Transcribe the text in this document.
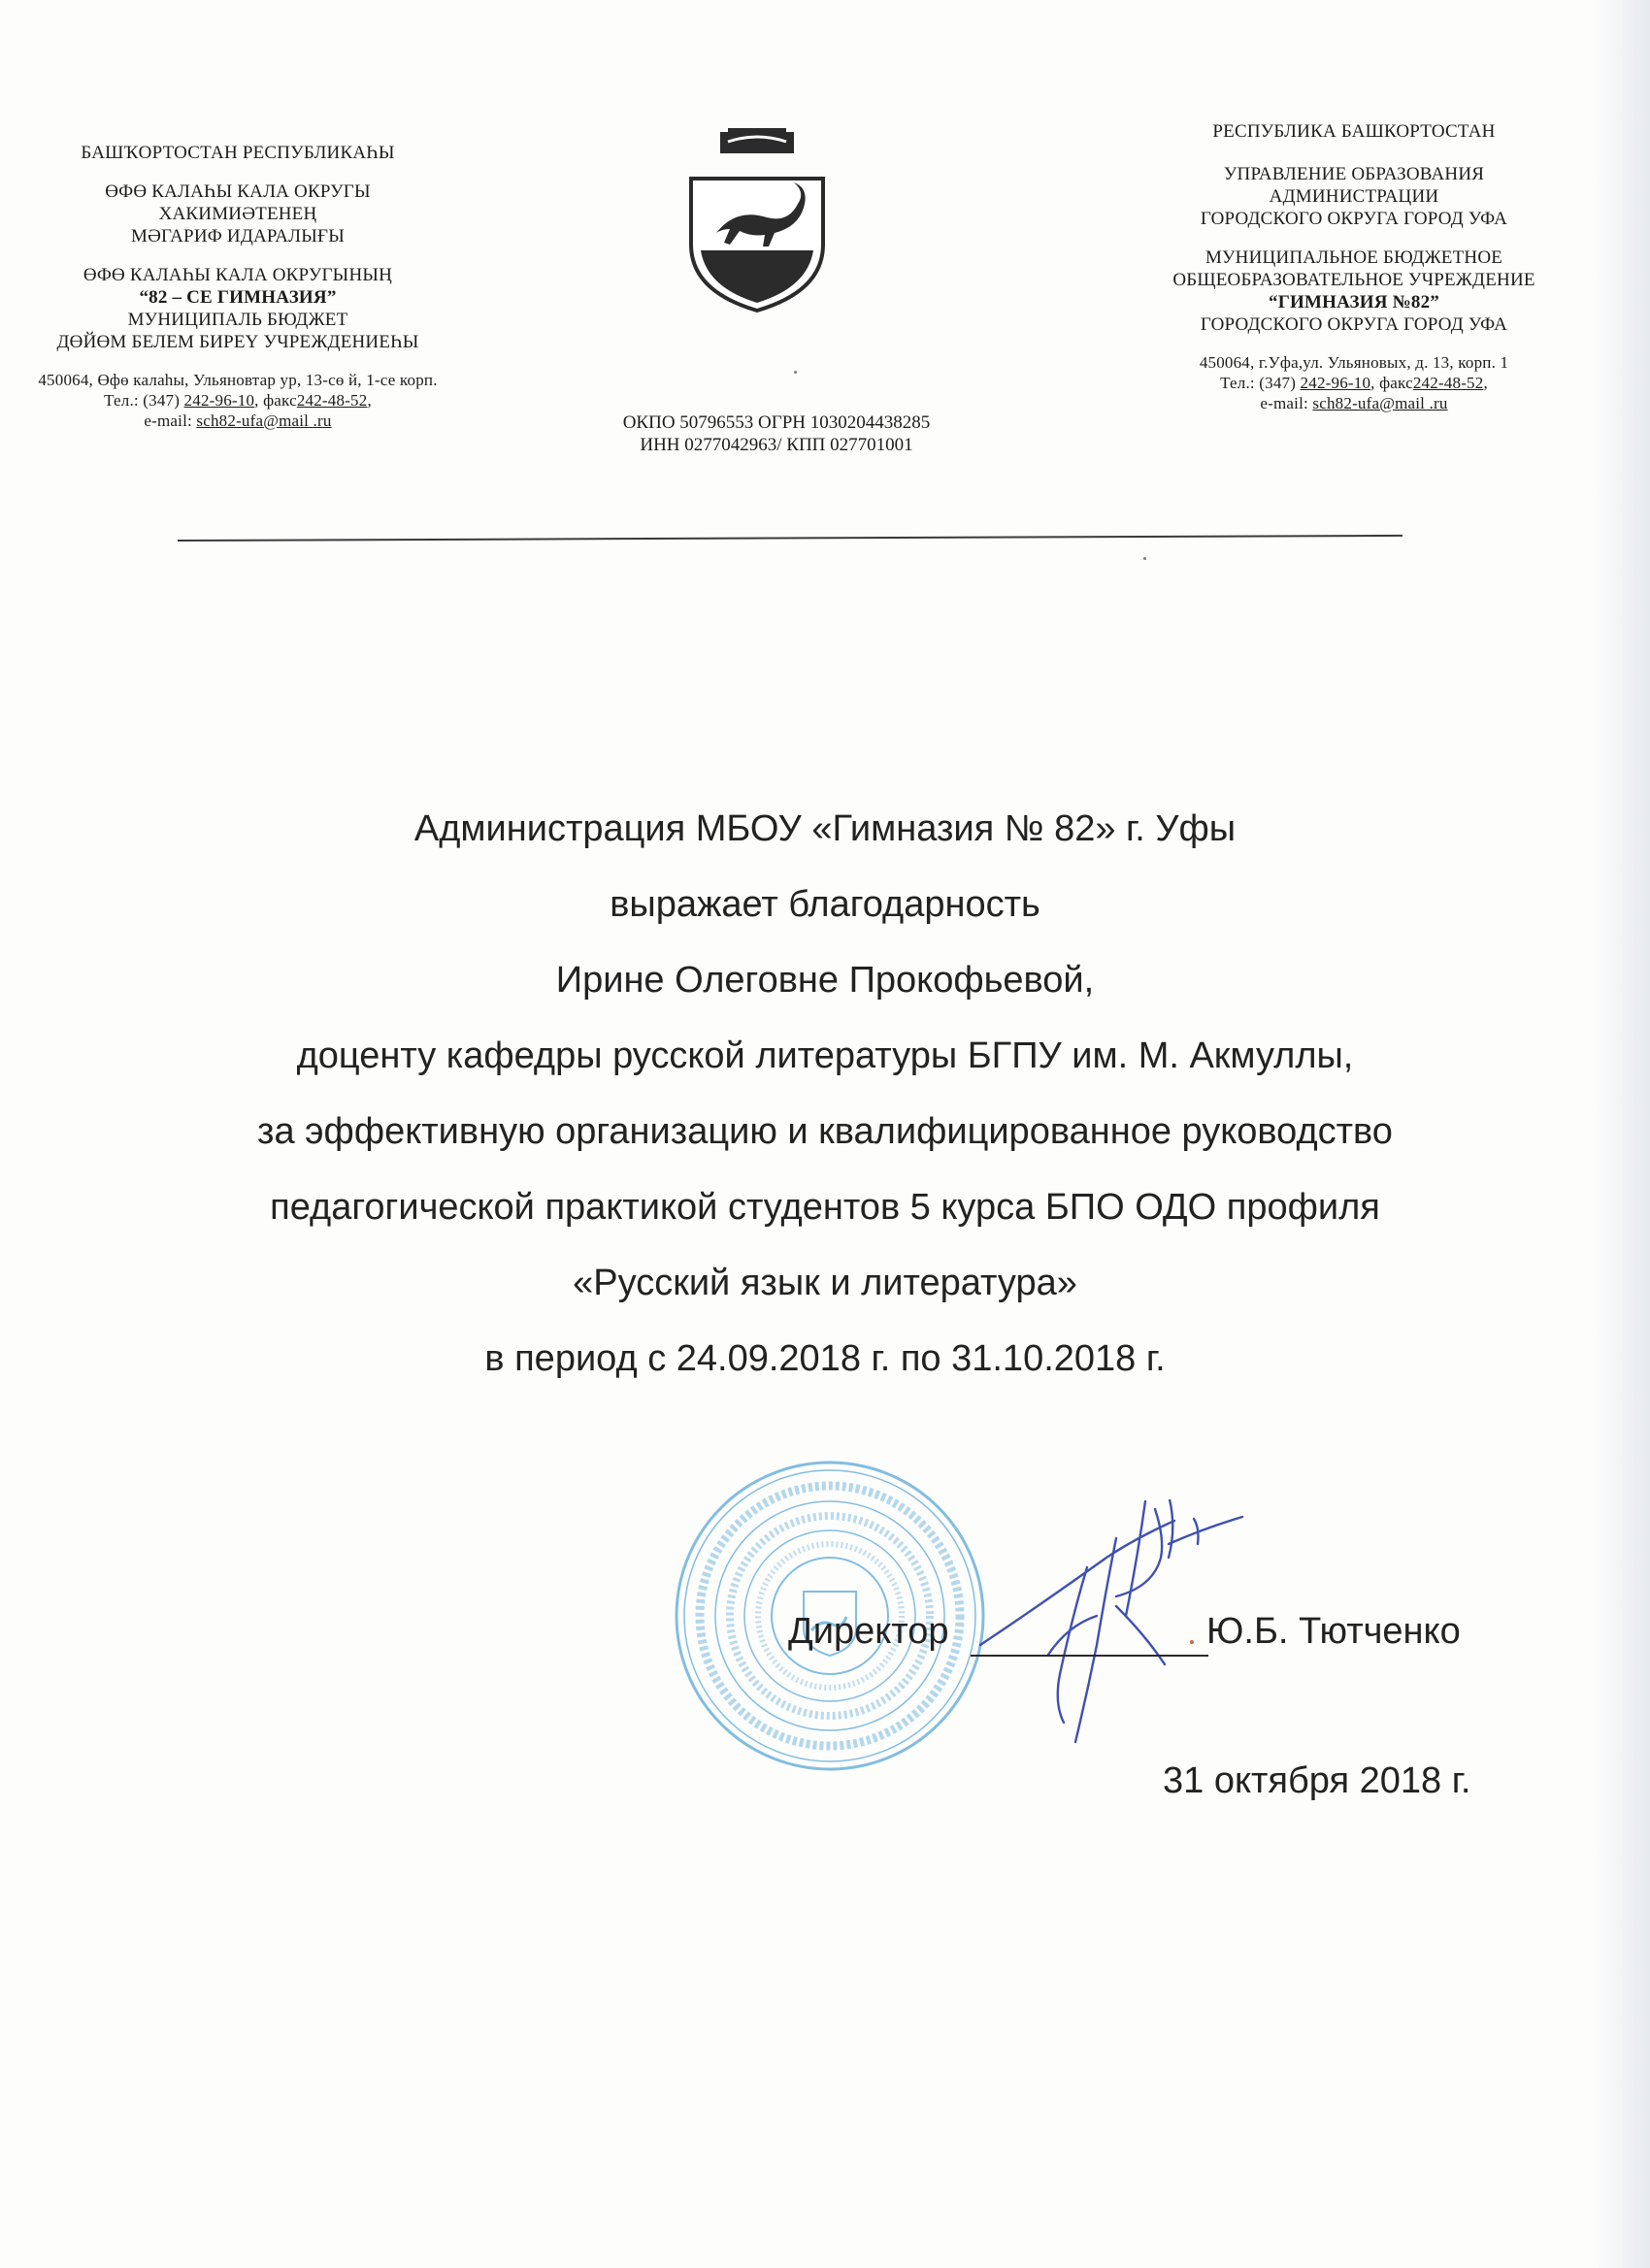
БАШҠОРТОСТАН РЕСПУБЛИКАҺЫ
ӨФӨ КАЛАҺЫ КАЛА ОКРУГЫ
ХАКИМИӘТЕНЕҢ
МӘГАРИФ ИДАРАЛЫҒЫ
ӨФӨ КАЛАҺЫ КАЛА ОКРУГЫНЫҢ
“82 – СЕ ГИМНАЗИЯ”
МУНИЦИПАЛЬ БЮДЖЕТ
ДӨЙӨМ БЕЛЕМ БИРЕҮ УЧРЕЖДЕНИЕҺЫ
450064, Өфө калаһы, Ульяновтар ур, 13-сө й, 1-се корп.
Тел.: (347) 242-96-10, факс242-48-52,
e-mail: sch82-ufa@mail .ru	ОКПО 50796553 ОГРН 1030204438285
ИНН 0277042963/ КПП 027701001
РЕСПУБЛИКА БАШКОРТОСТАН
УПРАВЛЕНИЕ ОБРАЗОВАНИЯ
АДМИНИСТРАЦИИ
ГОРОДСКОГО ОКРУГА ГОРОД УФА
МУНИЦИПАЛЬНОЕ БЮДЖЕТНОЕ
ОБЩЕОБРАЗОВАТЕЛЬНОЕ УЧРЕЖДЕНИЕ
“ГИМНАЗИЯ №82”
ГОРОДСКОГО ОКРУГА ГОРОД УФА
450064, г.Уфа,ул. Ульяновых, д. 13, корп. 1
Тел.: (347) 242-96-10, факс242-48-52,
e-mail: sch82-ufa@mail .ru
Администрация МБОУ «Гимназия № 82» г. Уфы
выражает благодарность
Ирине Олеговне Прокофьевой,
доценту кафедры русской литературы БГПУ им. М. Акмуллы,
за эффективную организацию и квалифицированное руководство
педагогической практикой студентов 5 курса БПО ОДО профиля
«Русский язык и литература»
в период с 24.09.2018 г. по 31.10.2018 г.
Директор	Ю.Б. Тютченко
31 октября 2018 г.
